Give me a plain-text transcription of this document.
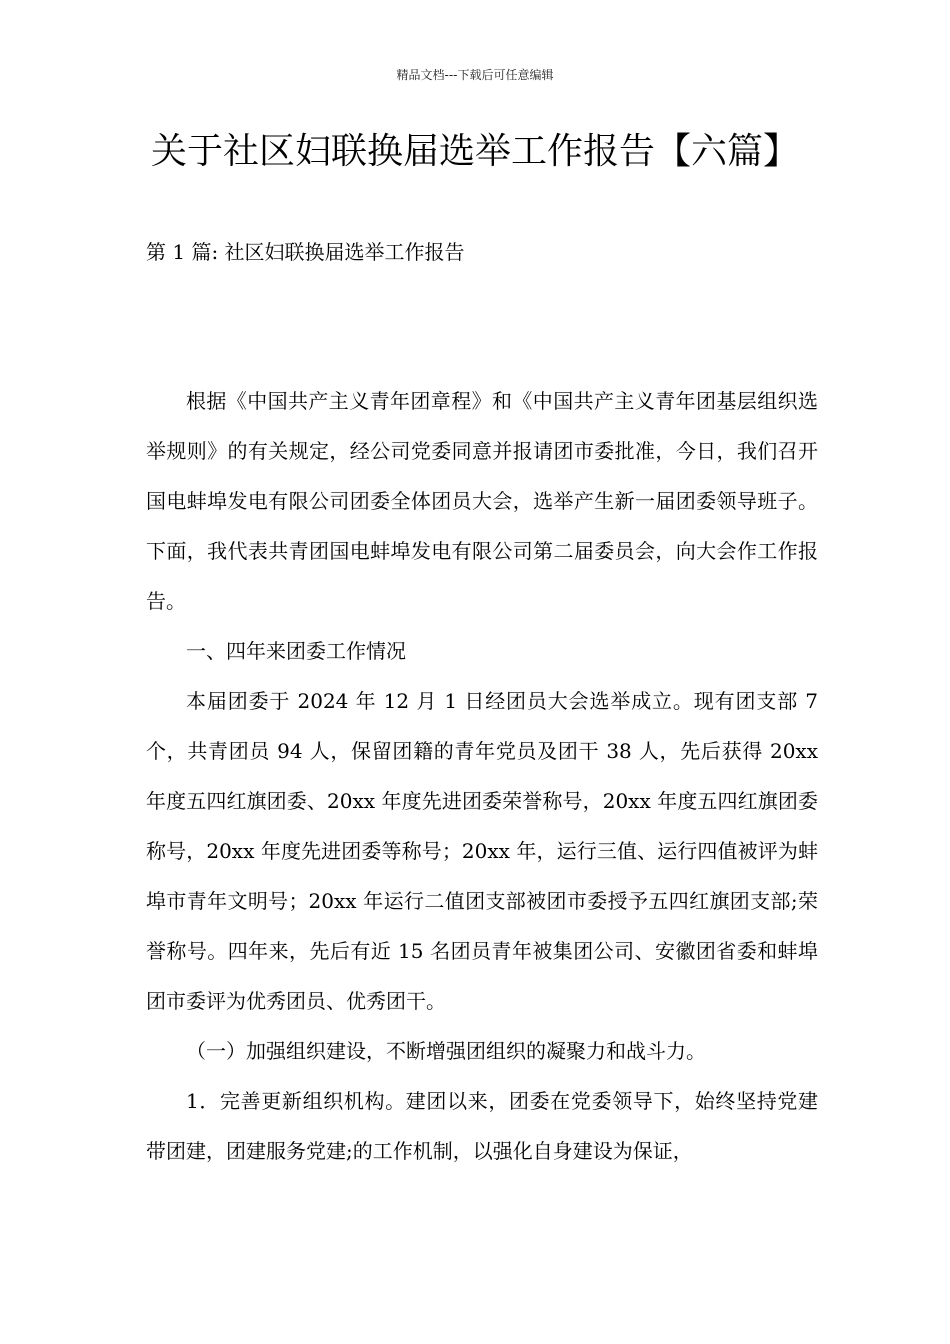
精品文档---下载后可任意编辑
关于社区妇联换届选举工作报告【六篇】
第 1 篇: 社区妇联换届选举工作报告

根据《中国共产主义青年团章程》和《中国共产主义青年团基层组织选举规则》的有关规定，经公司党委同意并报请团市委批准，今日，我们召开国电蚌埠发电有限公司团委全体团员大会，选举产生新一届团委领导班子。下面，我代表共青团国电蚌埠发电有限公司第二届委员会，向大会作工作报告。

一、四年来团委工作情况

本届团委于 2024 年 12 月 1 日经团员大会选举成立。现有团支部 7 个，共青团员 94 人，保留团籍的青年党员及团干 38 人，先后获得 20xx 年度五四红旗团委、20xx 年度先进团委荣誉称号，20xx 年度五四红旗团委称号，20xx 年度先进团委等称号；20xx 年，运行三值、运行四值被评为蚌埠市青年文明号；20xx 年运行二值团支部被团市委授予五四红旗团支部;荣誉称号。四年来，先后有近 15 名团员青年被集团公司、安徽团省委和蚌埠团市委评为优秀团员、优秀团干。

（一）加强组织建设，不断增强团组织的凝聚力和战斗力。

1．完善更新组织机构。建团以来，团委在党委领导下，始终坚持党建带团建，团建服务党建;的工作机制，以强化自身建设为保证，
